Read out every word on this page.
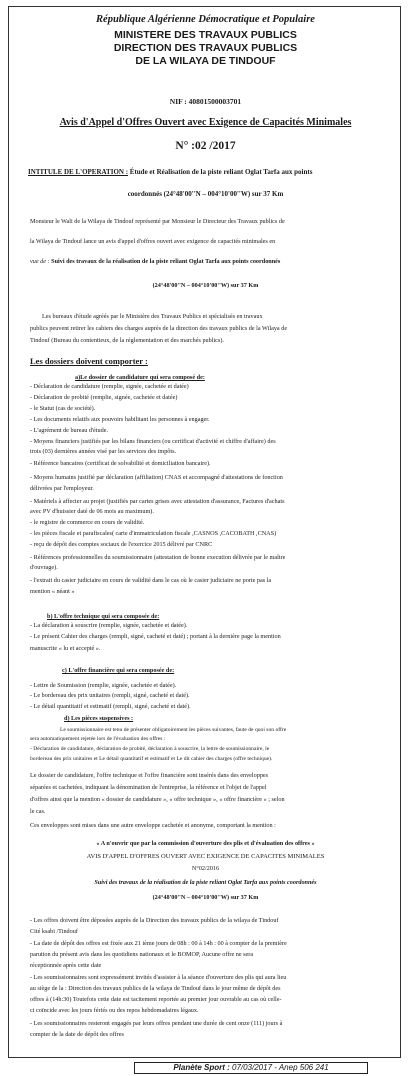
République Algérienne Démocratique et Populaire
MINISTERE DES TRAVAUX PUBLICS
DIRECTION DES TRAVAUX PUBLICS
DE LA WILAYA DE TINDOUF
NIF : 40801500003701
Avis d'Appel d'Offres Ouvert avec Exigence de Capacités Minimales
N° :02 /2017
INTITULE DE L'OPERATION : Étude et Réalisation de la piste reliant Oglat Tarfa aux points
coordonnés (24°48'00''N – 004°10'00''W) sur 37 Km
Monsieur le Wali de la Wilaya de Tindouf représenté par Monsieur le Directeur des Travaux publics de
la Wilaya de Tindouf lance un avis d'appel d'offres ouvert avec exigence de capacités minimales en
vue de : Suivi des travaux de la réalisation de la piste reliant Oglat Tarfa aux points coordonnés
(24°48'00''N – 004°10'00''W) sur 37 Km
Les bureaux d'étude agréés par le Ministère des Travaux Publics et spécialisés en travaux
publics peuvent retirer les cahiers des charges auprès de la direction des travaux publics de la Wilaya de
Tindouf (Bureau du contentieux, de la réglementation et des marchés publics).
Les dossiers doivent comporter :
a)Le dossier de candidature qui sera composé de:
- Déclaration de candidature (remplie, signée, cachetée et datée)
- Déclaration de probité (remplie, signée, cachetée et datée)
- le Statut (cas de société).
- Les documents relatifs aux pouvoirs habilitant les personnes à engager.
- L'agrément de bureau d'étude.
- Moyens financiers justifiés par les bilans financiers (ou certificat d'activité et chiffre d'affaire) des
trois (03) dernières années visé par les services des impôts.
- Référence bancaires (certificat de solvabilité et domiciliation bancaire).
- Moyens humains justifié par déclaration (affiliation) CNAS et accompagné d'attestations de fonction
délivrées par l'employeur.
- Matériels à affecter au projet (justifiés par cartes grises avec attestation d'assurance, Factures d'achats
avec PV d'huissier daté de 06 mois au maximum).
- le registre de commerce en cours de validité.
- les pièces fiscale et parafiscales( carte d'immatriculation fiscale ,CASNOS ,CACOBATH ,CNAS)
- reçu de dépôt des comptes sociaux de l'exercice 2015 délivré par CNRC
- Références professionnelles du soumissionnaire (attestation de bonne execution délivrée par le maître
d'ouvrage).
- l'extrait du casier judiciaire en cours de validité dans le cas où le casier judiciaire ne porte pas la
mention « néant »
b) L'offre technique qui sera composée de:
- La déclaration à souscrire (remplie, signée, cachetée et datée).
- Le présent Cahier des charges (rempli, signé, cacheté et daté) ; portant à la dernière page la mention
manuscrite « lu et accepté ».
c) L'offre financière qui sera composée de:
- Lettre de Soumission (remplie, signée, cachetée et datée).
- Le bordereau des prix unitaires (rempli, signé, cacheté et daté).
- Le détail quantitatif et estimatif (rempli, signé, cacheté et daté).
d) Les pièces suspensives :
Le soumissionnaire est tenu de présenter obligatoirement les pièces suivantes, faute de quoi son offre
sera automatiquement rejetée lors de l'évaluation des offres :
- Déclaration de candidature, déclaration de probité, déclaration à souscrire, la lettre de soumissionnaire, le
bordereau des prix unitaires et Le détail quantitatif et estimatif et Le dit cahier des charges (offre technique).
Le dossier de candidature, l'offre technique et l'offre financière sont insérés dans des enveloppes
séparées et cachetées, indiquant la dénomination de l'entreprise, la référence et l'objet de l'appel
d'offres ainsi que la mention « dossier de candidature », « offre technique », « offre financière » ; selon
le cas.
Ces enveloppes sont mises dans une autre enveloppe cachetée et anonyme, comportant la mention :
« A n'ouvrir que par la commission d'ouverture des plis et d'évaluation des offres »
AVIS D'APPEL D'OFFRES OUVERT AVEC EXIGENCE DE CAPACITES MINIMALES
N°02/2016
Suivi des travaux de la réalisation de la piste reliant Oglat Tarfa aux points coordonnés
(24°48'00''N – 004°10'00''W) sur 37 Km
- Les offres doivent être déposées auprès de la Direction des travaux publics de la wilaya de Tindouf
Cité ksabi /Tindouf
- La date de dépôt des offres est fixée aux 21 ième jours de 08h : 00 à 14h : 00 à compter de la première
parution du présent avis dans les quotidiens nationaux et le BOMOP, Aucune offre ne sera
réceptionnée après cette date
- Les soumissionnaires sont expressément invités d'assister à la séance d'ouverture des plis qui aura lieu
au siège de la : Direction des travaux publics de la wilaya de Tindouf dans le jour même de dépôt des
offres à (14h:30) Toutefois cette date est tacitement reportée au premier jour ouvrable au cas où celle-
ci coïncide avec les jours fériés ou des repos hebdomadaires légaux.
- Les soumissionnaires resteront engagés par leurs offres pendant une durée de cent onze (111) jours à
compter de la date de dépôt des offres
Planète Sport : 07/03/2017 - Anep 506 241
